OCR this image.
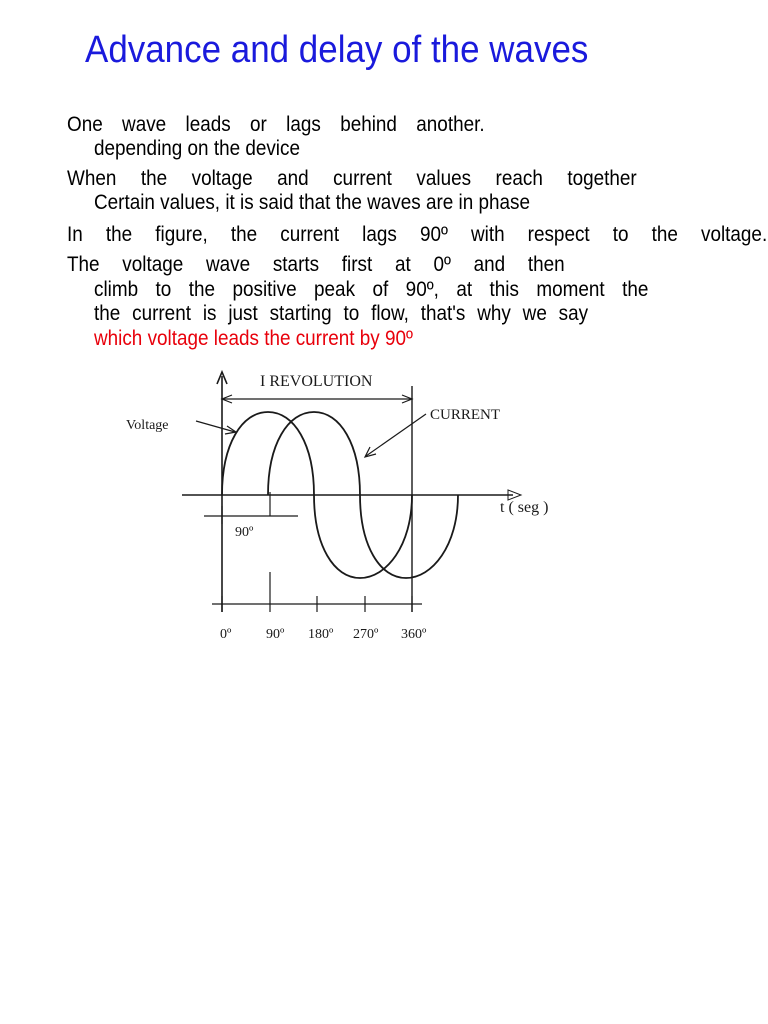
Advance and delay of the waves
One wave leads or lags behind another.
depending on the device
When the voltage and current values reach together
Certain values, it is said that the waves are in phase
In the figure, the current lags 90º with respect to the voltage.
The voltage wave starts first at 0º and then
climb to the positive peak of 90º, at this moment the
the current is just starting to flow, that's why we say
which voltage leads the current by 90º
I REVOLUTION
Voltage
CURRENT
t ( seg )
90º
0º 90º 180º 270º 360º
